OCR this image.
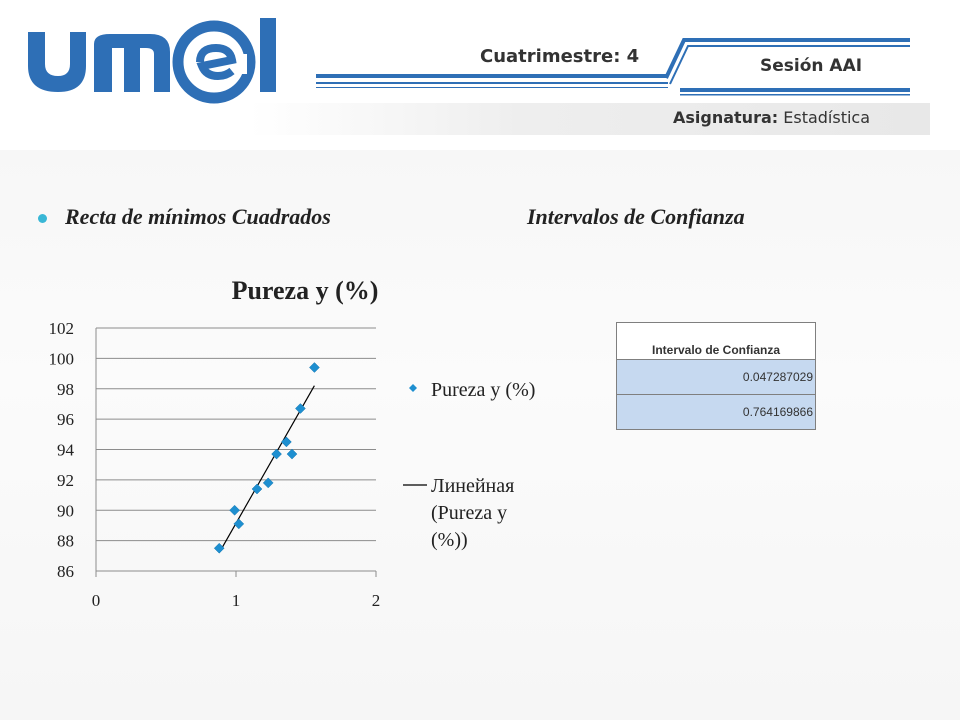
Cuatrimestre: 4	Sesión AAI
Asignatura: Estadística
Recta de mínimos Cuadrados	Intervalos de Confianza
Pureza y (%)
86
88
90
92
94
96
98
100
102
0	1	2
Pureza y (%)
Линейная (Pureza y (%))
Intervalo de Confianza
0.047287029
0.764169866
